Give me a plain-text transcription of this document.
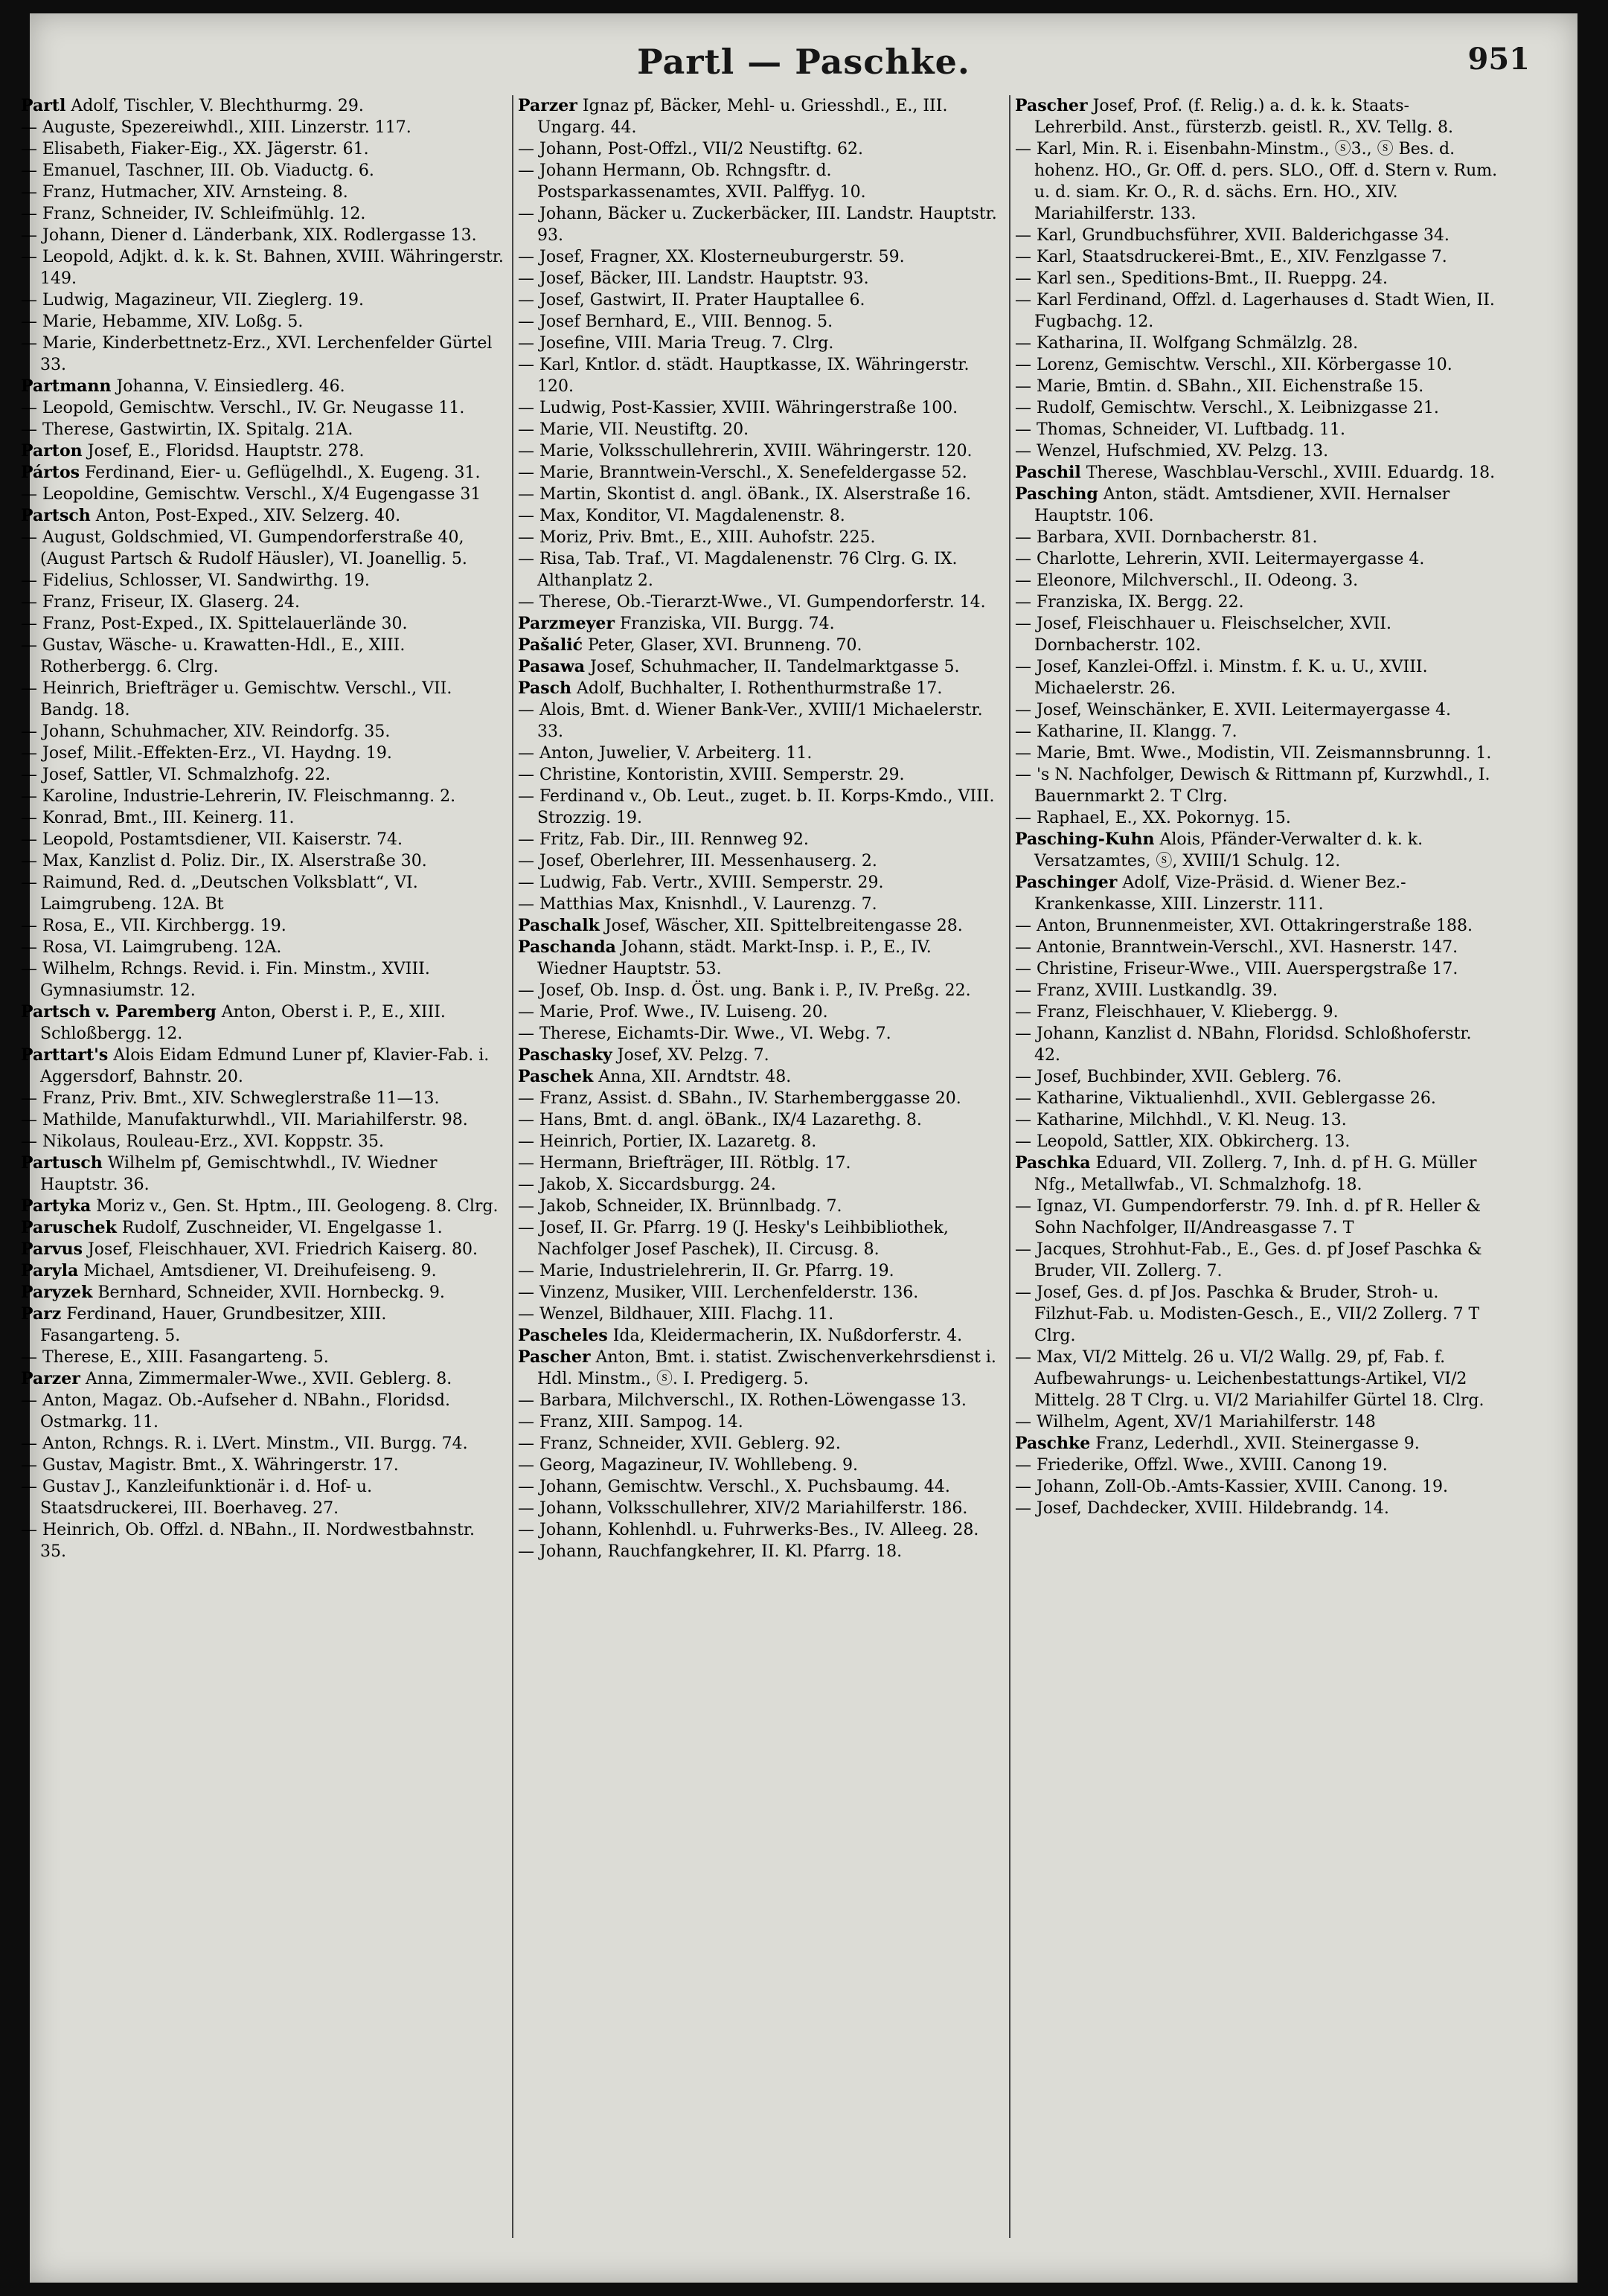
Partl — Paschke.	951

Partl Adolf, Tischler, V. Blechthurmg. 29.

— Auguste, Spezereiwhdl., XIII. Linzerstr. 117.

— Elisabeth, Fiaker-Eig., XX. Jägerstr. 61.

— Emanuel, Taschner, III. Ob. Viaductg. 6.

— Franz, Hutmacher, XIV. Arnsteing. 8.

— Franz, Schneider, IV. Schleifmühlg. 12.

— Johann, Diener d. Länderbank, XIX. Rodlergasse 13.

— Leopold, Adjkt. d. k. k. St. Bahnen, XVIII. Währingerstr. 149.

— Ludwig, Magazineur, VII. Zieglerg. 19.

— Marie, Hebamme, XIV. Loßg. 5.

— Marie, Kinderbettnetz-Erz., XVI. Lerchenfelder Gürtel 33.

Partmann Johanna, V. Einsiedlerg. 46.

— Leopold, Gemischtw. Verschl., IV. Gr. Neugasse 11.

— Therese, Gastwirtin, IX. Spitalg. 21A.

Parton Josef, E., Floridsd. Hauptstr. 278.

Pártos Ferdinand, Eier- u. Geflügelhdl., X. Eugeng. 31.

— Leopoldine, Gemischtw. Verschl., X/4 Eugengasse 31

Partsch Anton, Post-Exped., XIV. Selzerg. 40.

— August, Goldschmied, VI. Gumpendorferstraße 40, (August Partsch & Rudolf Häusler), VI. Joanellig. 5.

— Fidelius, Schlosser, VI. Sandwirthg. 19.

— Franz, Friseur, IX. Glaserg. 24.

— Franz, Post-Exped., IX. Spittelauerlände 30.

— Gustav, Wäsche- u. Krawatten-Hdl., E., XIII. Rotherbergg. 6. Clrg.

— Heinrich, Briefträger u. Gemischtw. Verschl., VII. Bandg. 18.

— Johann, Schuhmacher, XIV. Reindorfg. 35.

— Josef, Milit.-Effekten-Erz., VI. Haydng. 19.

— Josef, Sattler, VI. Schmalzhofg. 22.

— Karoline, Industrie-Lehrerin, IV. Fleischmanng. 2.

— Konrad, Bmt., III. Keinerg. 11.

— Leopold, Postamtsdiener, VII. Kaiserstr. 74.

— Max, Kanzlist d. Poliz. Dir., IX. Alserstraße 30.

— Raimund, Red. d. „Deutschen Volksblatt“, VI. Laimgrubeng. 12A. Bt

— Rosa, E., VII. Kirchbergg. 19.

— Rosa, VI. Laimgrubeng. 12A.

— Wilhelm, Rchngs. Revid. i. Fin. Minstm., XVIII. Gymnasiumstr. 12.

Partsch v. Paremberg Anton, Oberst i. P., E., XIII. Schloßbergg. 12.

Parttart's Alois Eidam Edmund Luner pf, Klavier-Fab. i. Aggersdorf, Bahnstr. 20.

— Franz, Priv. Bmt., XIV. Schweglerstraße 11—13.

— Mathilde, Manufakturwhdl., VII. Mariahilferstr. 98.

— Nikolaus, Rouleau-Erz., XVI. Koppstr. 35.

Partusch Wilhelm pf, Gemischtwhdl., IV. Wiedner Hauptstr. 36.

Partyka Moriz v., Gen. St. Hptm., III. Geologeng. 8. Clrg.

Paruschek Rudolf, Zuschneider, VI. Engelgasse 1.

Parvus Josef, Fleischhauer, XVI. Friedrich Kaiserg. 80.

Paryla Michael, Amtsdiener, VI. Dreihufeiseng. 9.

Paryzek Bernhard, Schneider, XVII. Hornbeckg. 9.

Parz Ferdinand, Hauer, Grundbesitzer, XIII. Fasangarteng. 5.

— Therese, E., XIII. Fasangarteng. 5.

Parzer Anna, Zimmermaler-Wwe., XVII. Geblerg. 8.

— Anton, Magaz. Ob.-Aufseher d. NBahn., Floridsd. Ostmarkg. 11.

— Anton, Rchngs. R. i. LVert. Minstm., VII. Burgg. 74.

— Gustav, Magistr. Bmt., X. Währingerstr. 17.

— Gustav J., Kanzleifunktionär i. d. Hof- u. Staatsdruckerei, III. Boerhaveg. 27.

— Heinrich, Ob. Offzl. d. NBahn., II. Nordwestbahnstr. 35.

Parzer Ignaz pf, Bäcker, Mehl- u. Griesshdl., E., III. Ungarg. 44.

— Johann, Post-Offzl., VII/2 Neustiftg. 62.

— Johann Hermann, Ob. Rchngsftr. d. Postsparkassenamtes, XVII. Palffyg. 10.

— Johann, Bäcker u. Zuckerbäcker, III. Landstr. Hauptstr. 93.

— Josef, Fragner, XX. Klosterneuburgerstr. 59.

— Josef, Bäcker, III. Landstr. Hauptstr. 93.

— Josef, Gastwirt, II. Prater Hauptallee 6.

— Josef Bernhard, E., VIII. Bennog. 5.

— Josefine, VIII. Maria Treug. 7. Clrg.

— Karl, Kntlor. d. städt. Hauptkasse, IX. Währingerstr. 120.

— Ludwig, Post-Kassier, XVIII. Währingerstraße 100.

— Marie, VII. Neustiftg. 20.

— Marie, Volksschullehrerin, XVIII. Währingerstr. 120.

— Marie, Branntwein-Verschl., X. Senefeldergasse 52.

— Martin, Skontist d. angl. öBank., IX. Alserstraße 16.

— Max, Konditor, VI. Magdalenenstr. 8.

— Moriz, Priv. Bmt., E., XIII. Auhofstr. 225.

— Risa, Tab. Traf., VI. Magdalenenstr. 76 Clrg. G. IX. Althanplatz 2.

— Therese, Ob.-Tierarzt-Wwe., VI. Gumpendorferstr. 14.

Parzmeyer Franziska, VII. Burgg. 74.

Pašalić Peter, Glaser, XVI. Brunneng. 70.

Pasawa Josef, Schuhmacher, II. Tandelmarktgasse 5.

Pasch Adolf, Buchhalter, I. Rothenthurmstraße 17.

— Alois, Bmt. d. Wiener Bank-Ver., XVIII/1 Michaelerstr. 33.

— Anton, Juwelier, V. Arbeiterg. 11.

— Christine, Kontoristin, XVIII. Semperstr. 29.

— Ferdinand v., Ob. Leut., zuget. b. II. Korps-Kmdo., VIII. Strozzig. 19.

— Fritz, Fab. Dir., III. Rennweg 92.

— Josef, Oberlehrer, III. Messenhauserg. 2.

— Ludwig, Fab. Vertr., XVIII. Semperstr. 29.

— Matthias Max, Knisnhdl., V. Laurenzg. 7.

Paschalk Josef, Wäscher, XII. Spittelbreitengasse 28.

Paschanda Johann, städt. Markt-Insp. i. P., E., IV. Wiedner Hauptstr. 53.

— Josef, Ob. Insp. d. Öst. ung. Bank i. P., IV. Preßg. 22.

— Marie, Prof. Wwe., IV. Luiseng. 20.

— Therese, Eichamts-Dir. Wwe., VI. Webg. 7.

Paschasky Josef, XV. Pelzg. 7.

Paschek Anna, XII. Arndtstr. 48.

— Franz, Assist. d. SBahn., IV. Starhemberggasse 20.

— Hans, Bmt. d. angl. öBank., IX/4 Lazarethg. 8.

— Heinrich, Portier, IX. Lazaretg. 8.

— Hermann, Briefträger, III. Rötblg. 17.

— Jakob, X. Siccardsburgg. 24.

— Jakob, Schneider, IX. Brünnlbadg. 7.

— Josef, II. Gr. Pfarrg. 19 (J. Hesky's Leihbibliothek, Nachfolger Josef Paschek), II. Circusg. 8.

— Marie, Industrielehrerin, II. Gr. Pfarrg. 19.

— Vinzenz, Musiker, VIII. Lerchenfelderstr. 136.

— Wenzel, Bildhauer, XIII. Flachg. 11.

Pascheles Ida, Kleidermacherin, IX. Nußdorferstr. 4.

Pascher Anton, Bmt. i. statist. Zwischenverkehrsdienst i. Hdl. Minstm., ⓢ. I. Predigerg. 5.

— Barbara, Milchverschl., IX. Rothen-Löwengasse 13.

— Franz, XIII. Sampog. 14.

— Franz, Schneider, XVII. Geblerg. 92.

— Georg, Magazineur, IV. Wohllebeng. 9.

— Johann, Gemischtw. Verschl., X. Puchsbaumg. 44.

— Johann, Volksschullehrer, XIV/2 Mariahilferstr. 186.

— Johann, Kohlenhdl. u. Fuhrwerks-Bes., IV. Alleeg. 28.

— Johann, Rauchfangkehrer, II. Kl. Pfarrg. 18.

Pascher Josef, Prof. (f. Relig.) a. d. k. k. Staats-Lehrerbild. Anst., fürsterzb. geistl. R., XV. Tellg. 8.

— Karl, Min. R. i. Eisenbahn-Minstm., ⓢ3., ⓢ Bes. d. hohenz. HO., Gr. Off. d. pers. SLO., Off. d. Stern v. Rum. u. d. siam. Kr. O., R. d. sächs. Ern. HO., XIV. Mariahilferstr. 133.

— Karl, Grundbuchsführer, XVII. Balderichgasse 34.

— Karl, Staatsdruckerei-Bmt., E., XIV. Fenzlgasse 7.

— Karl sen., Speditions-Bmt., II. Rueppg. 24.

— Karl Ferdinand, Offzl. d. Lagerhauses d. Stadt Wien, II. Fugbachg. 12.

— Katharina, II. Wolfgang Schmälzlg. 28.

— Lorenz, Gemischtw. Verschl., XII. Körbergasse 10.

— Marie, Bmtin. d. SBahn., XII. Eichenstraße 15.

— Rudolf, Gemischtw. Verschl., X. Leibnizgasse 21.

— Thomas, Schneider, VI. Luftbadg. 11.

— Wenzel, Hufschmied, XV. Pelzg. 13.

Paschil Therese, Waschblau-Verschl., XVIII. Eduardg. 18.

Pasching Anton, städt. Amtsdiener, XVII. Hernalser Hauptstr. 106.

— Barbara, XVII. Dornbacherstr. 81.

— Charlotte, Lehrerin, XVII. Leitermayergasse 4.

— Eleonore, Milchverschl., II. Odeong. 3.

— Franziska, IX. Bergg. 22.

— Josef, Fleischhauer u. Fleischselcher, XVII. Dornbacherstr. 102.

— Josef, Kanzlei-Offzl. i. Minstm. f. K. u. U., XVIII. Michaelerstr. 26.

— Josef, Weinschänker, E. XVII. Leitermayergasse 4.

— Katharine, II. Klangg. 7.

— Marie, Bmt. Wwe., Modistin, VII. Zeismannsbrunng. 1.

— 's N. Nachfolger, Dewisch & Rittmann pf, Kurzwhdl., I. Bauernmarkt 2. T Clrg.

— Raphael, E., XX. Pokornyg. 15.

Pasching-Kuhn Alois, Pfänder-Verwalter d. k. k. Versatzamtes, ⓢ, XVIII/1 Schulg. 12.

Paschinger Adolf, Vize-Präsid. d. Wiener Bez.-Krankenkasse, XIII. Linzerstr. 111.

— Anton, Brunnenmeister, XVI. Ottakringerstraße 188.

— Antonie, Branntwein-Verschl., XVI. Hasnerstr. 147.

— Christine, Friseur-Wwe., VIII. Auerspergstraße 17.

— Franz, XVIII. Lustkandlg. 39.

— Franz, Fleischhauer, V. Kliebergg. 9.

— Johann, Kanzlist d. NBahn, Floridsd. Schloßhoferstr. 42.

— Josef, Buchbinder, XVII. Geblerg. 76.

— Katharine, Viktualienhdl., XVII. Geblergasse 26.

— Katharine, Milchhdl., V. Kl. Neug. 13.

— Leopold, Sattler, XIX. Obkircherg. 13.

Paschka Eduard, VII. Zollerg. 7, Inh. d. pf H. G. Müller Nfg., Metallwfab., VI. Schmalzhofg. 18.

— Ignaz, VI. Gumpendorferstr. 79. Inh. d. pf R. Heller & Sohn Nachfolger, II/Andreasgasse 7. T

— Jacques, Strohhut-Fab., E., Ges. d. pf Josef Paschka & Bruder, VII. Zollerg. 7.

— Josef, Ges. d. pf Jos. Paschka & Bruder, Stroh- u. Filzhut-Fab. u. Modisten-Gesch., E., VII/2 Zollerg. 7 T Clrg.

— Max, VI/2 Mittelg. 26 u. VI/2 Wallg. 29, pf, Fab. f. Aufbewahrungs- u. Leichenbestattungs-Artikel, VI/2 Mittelg. 28 T Clrg. u. VI/2 Mariahilfer Gürtel 18. Clrg.

— Wilhelm, Agent, XV/1 Mariahilferstr. 148

Paschke Franz, Lederhdl., XVII. Steinergasse 9.

— Friederike, Offzl. Wwe., XVIII. Canong 19.

— Johann, Zoll-Ob.-Amts-Kassier, XVIII. Canong. 19.

— Josef, Dachdecker, XVIII. Hildebrandg. 14.
